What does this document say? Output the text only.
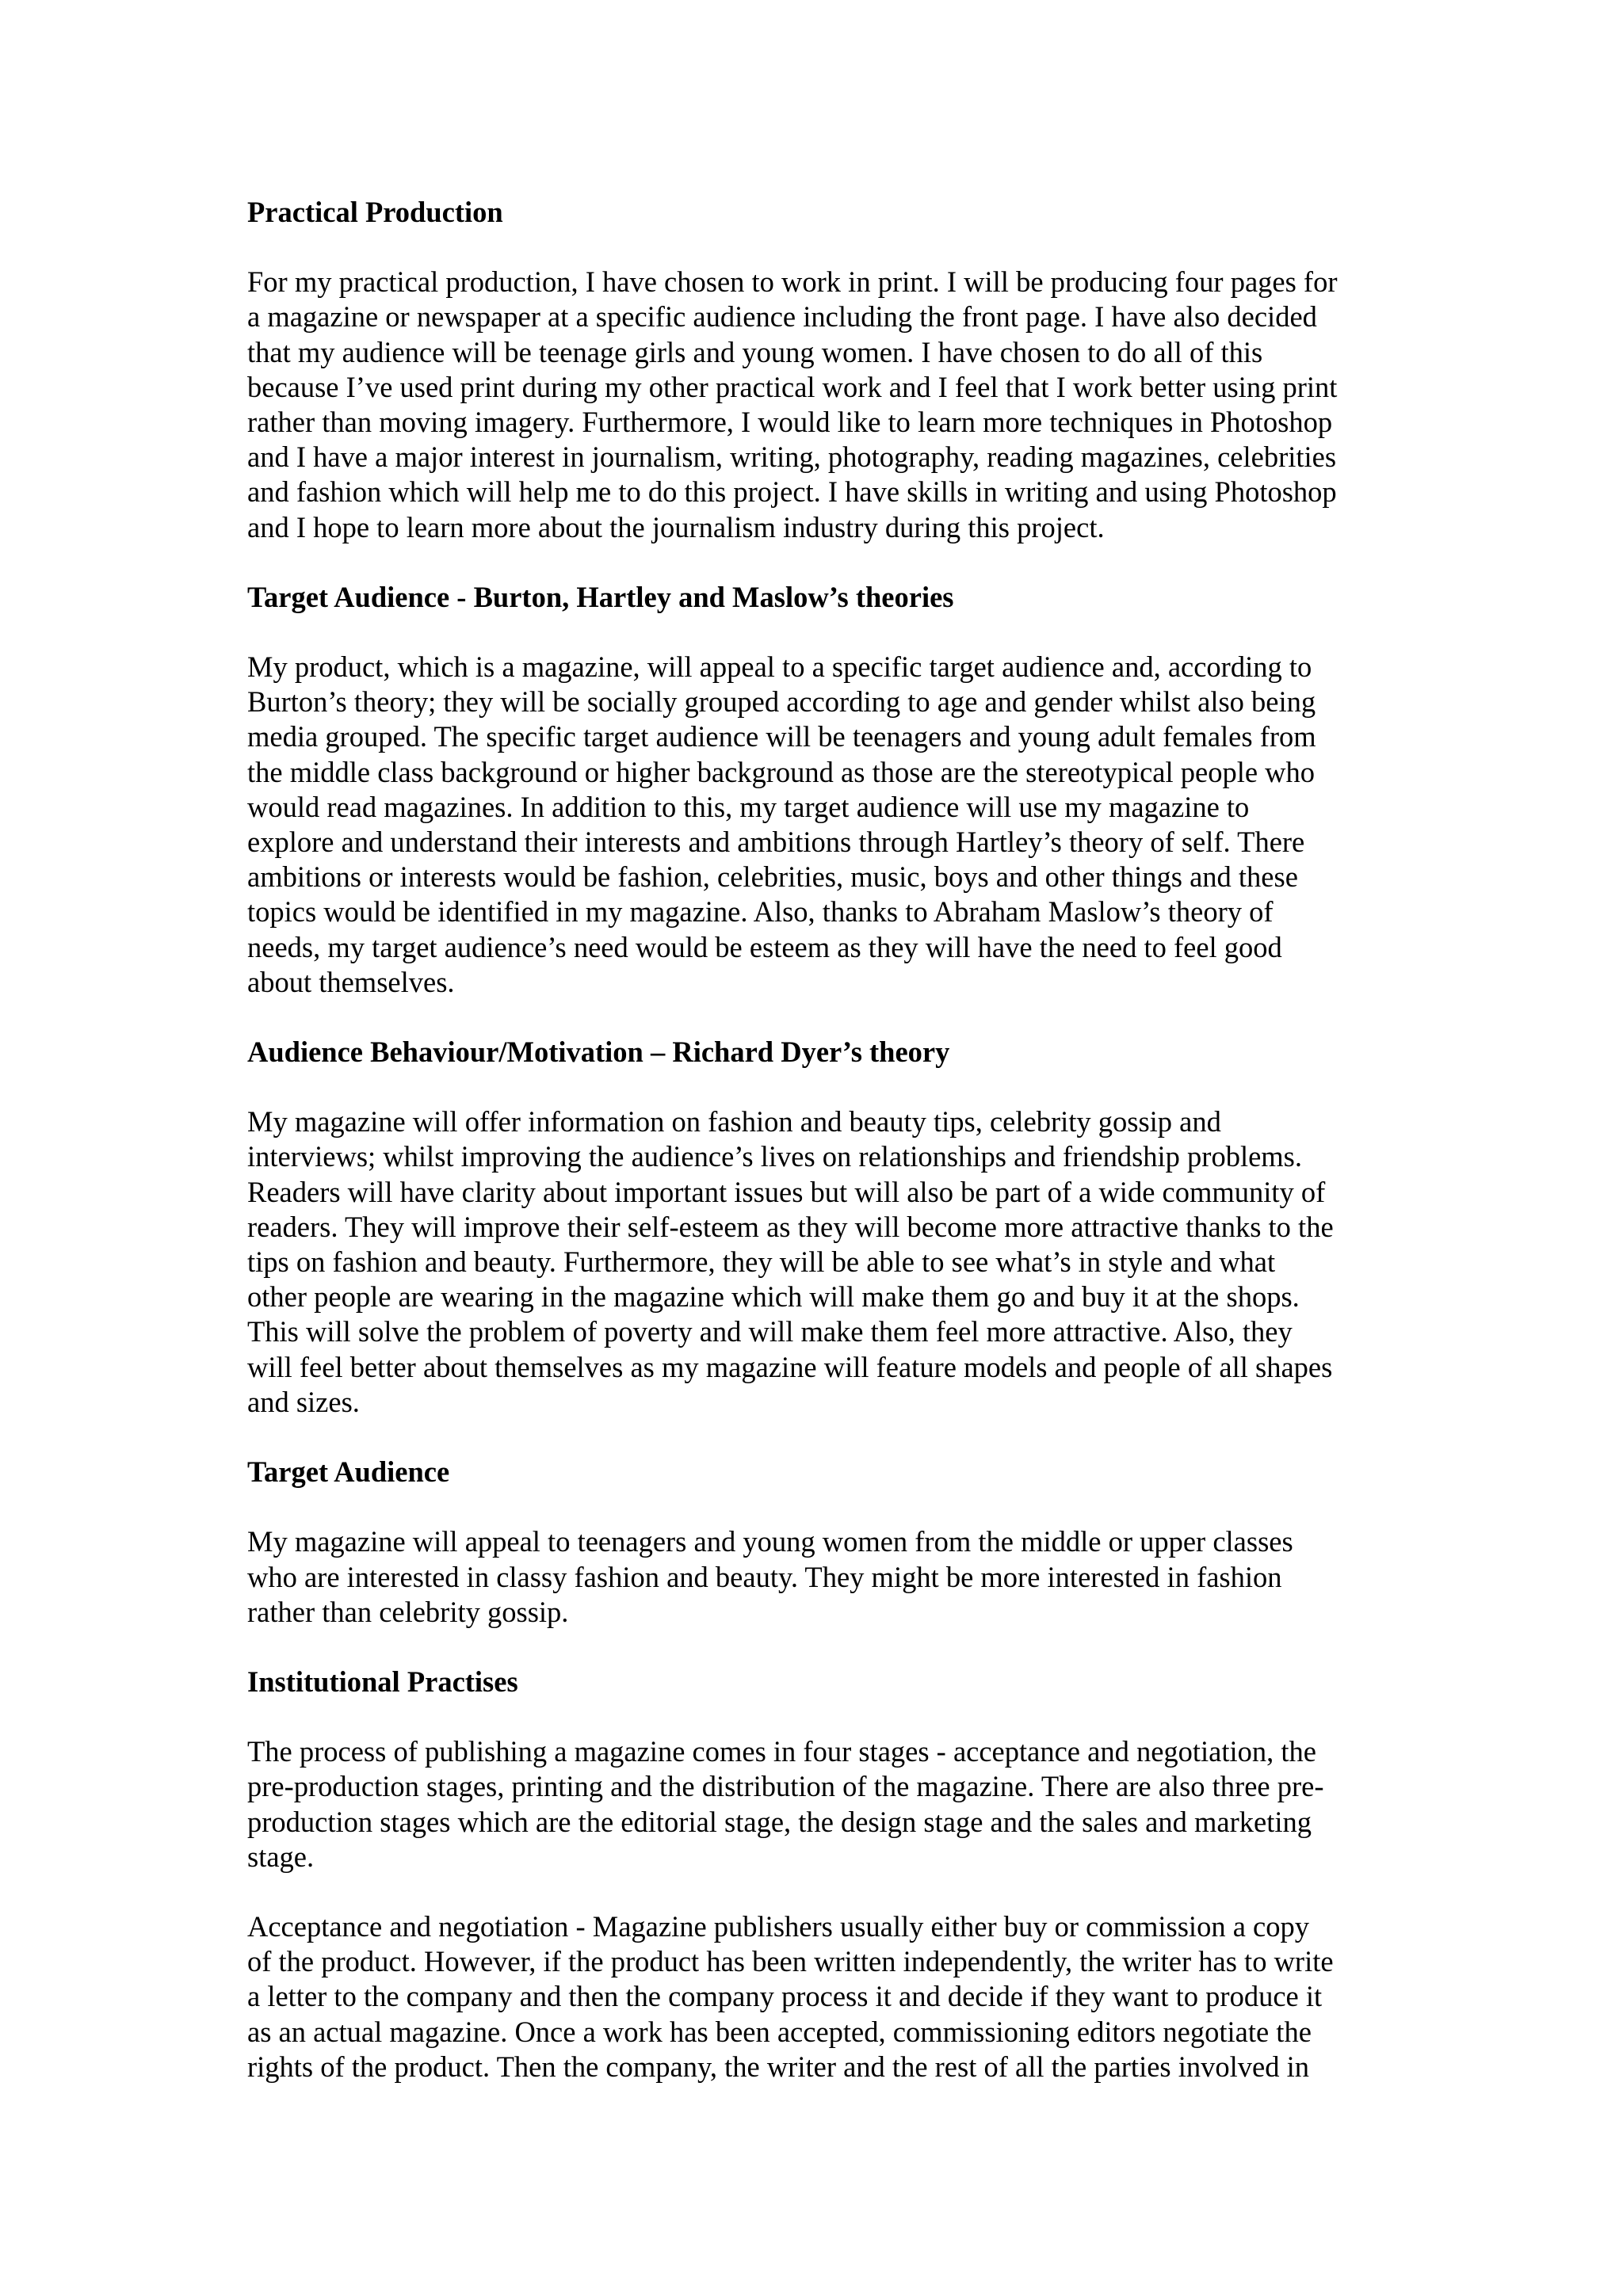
Practical Production
For my practical production, I have chosen to work in print. I will be producing four pages for
a magazine or newspaper at a specific audience including the front page. I have also decided
that my audience will be teenage girls and young women. I have chosen to do all of this
because I’ve used print during my other practical work and I feel that I work better using print
rather than moving imagery. Furthermore, I would like to learn more techniques in Photoshop
and I have a major interest in journalism, writing, photography, reading magazines, celebrities
and fashion which will help me to do this project. I have skills in writing and using Photoshop
and I hope to learn more about the journalism industry during this project.
Target Audience - Burton, Hartley and Maslow’s theories
My product, which is a magazine, will appeal to a specific target audience and, according to
Burton’s theory; they will be socially grouped according to age and gender whilst also being
media grouped. The specific target audience will be teenagers and young adult females from
the middle class background or higher background as those are the stereotypical people who
would read magazines. In addition to this, my target audience will use my magazine to
explore and understand their interests and ambitions through Hartley’s theory of self. There
ambitions or interests would be fashion, celebrities, music, boys and other things and these
topics would be identified in my magazine. Also, thanks to Abraham Maslow’s theory of
needs, my target audience’s need would be esteem as they will have the need to feel good
about themselves.
Audience Behaviour/Motivation – Richard Dyer’s theory
My magazine will offer information on fashion and beauty tips, celebrity gossip and
interviews; whilst improving the audience’s lives on relationships and friendship problems.
Readers will have clarity about important issues but will also be part of a wide community of
readers. They will improve their self-esteem as they will become more attractive thanks to the
tips on fashion and beauty. Furthermore, they will be able to see what’s in style and what
other people are wearing in the magazine which will make them go and buy it at the shops.
This will solve the problem of poverty and will make them feel more attractive. Also, they
will feel better about themselves as my magazine will feature models and people of all shapes
and sizes.
Target Audience
My magazine will appeal to teenagers and young women from the middle or upper classes
who are interested in classy fashion and beauty. They might be more interested in fashion
rather than celebrity gossip.
Institutional Practises
The process of publishing a magazine comes in four stages - acceptance and negotiation, the
pre-production stages, printing and the distribution of the magazine. There are also three pre-
production stages which are the editorial stage, the design stage and the sales and marketing
stage.
Acceptance and negotiation - Magazine publishers usually either buy or commission a copy
of the product. However, if the product has been written independently, the writer has to write
a letter to the company and then the company process it and decide if they want to produce it
as an actual magazine. Once a work has been accepted, commissioning editors negotiate the
rights of the product. Then the company, the writer and the rest of all the parties involved in
